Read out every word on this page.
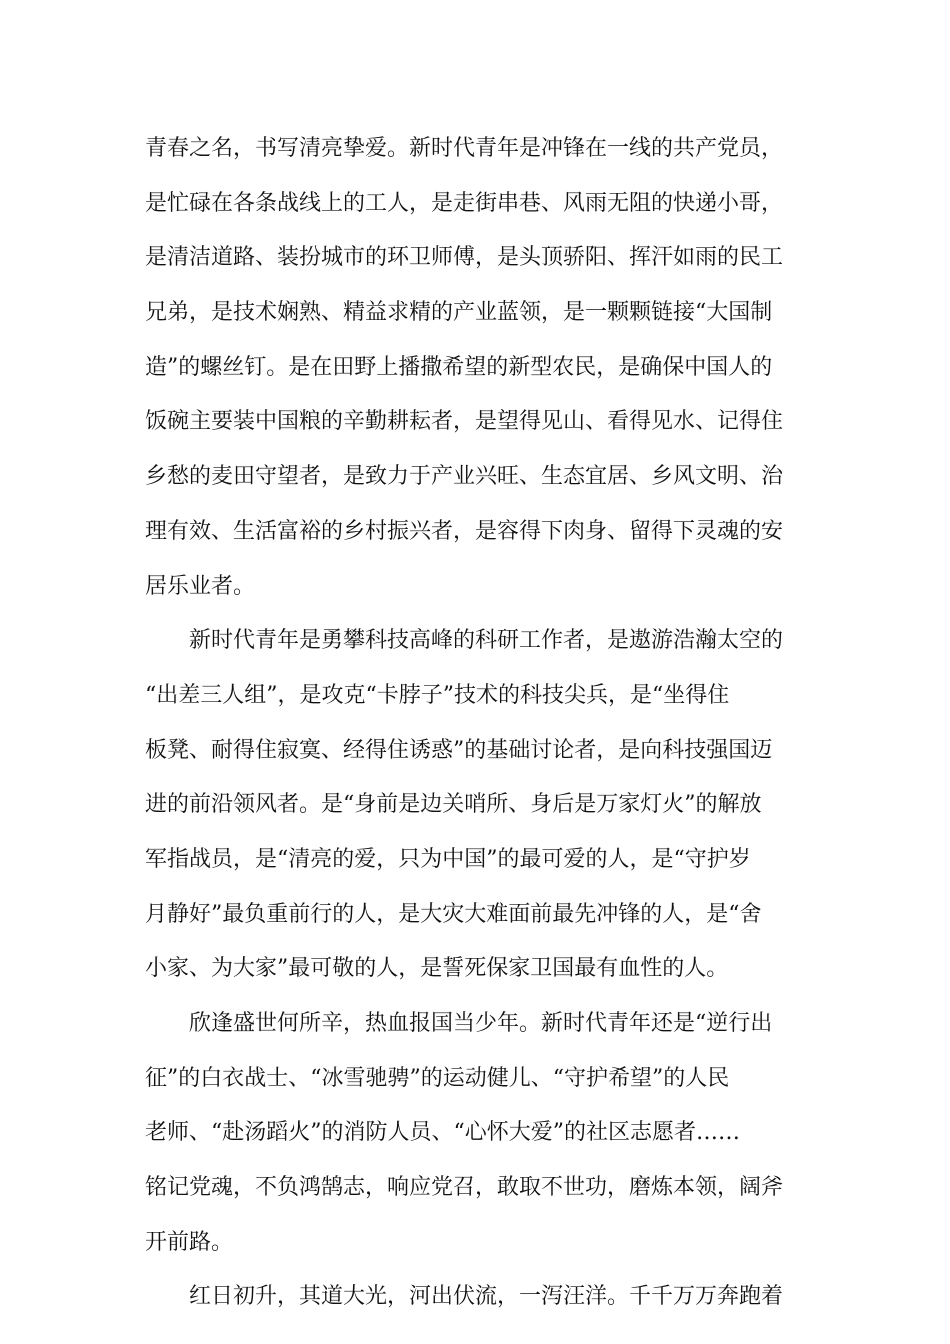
青春之名，书写清亮挚爱。新时代青年是冲锋在一线的共产党员，
是忙碌在各条战线上的工人，是走街串巷、风雨无阻的快递小哥，
是清洁道路、装扮城市的环卫师傅，是头顶骄阳、挥汗如雨的民工
兄弟，是技术娴熟、精益求精的产业蓝领，是一颗颗链接“大国制
造”的螺丝钉。是在田野上播撒希望的新型农民，是确保中国人的
饭碗主要装中国粮的辛勤耕耘者，是望得见山、看得见水、记得住
乡愁的麦田守望者，是致力于产业兴旺、生态宜居、乡风文明、治
理有效、生活富裕的乡村振兴者，是容得下肉身、留得下灵魂的安
居乐业者。
新时代青年是勇攀科技高峰的科研工作者，是遨游浩瀚太空的
“出差三人组”，是攻克“卡脖子”技术的科技尖兵，是“坐得住
板凳、耐得住寂寞、经得住诱惑”的基础讨论者，是向科技强国迈
进的前沿领风者。是“身前是边关哨所、身后是万家灯火”的解放
军指战员，是“清亮的爱，只为中国”的最可爱的人，是“守护岁
月静好”最负重前行的人，是大灾大难面前最先冲锋的人，是“舍
小家、为大家”最可敬的人，是誓死保家卫国最有血性的人。
欣逢盛世何所辛，热血报国当少年。新时代青年还是“逆行出
征”的白衣战士、“冰雪驰骋”的运动健儿、“守护希望”的人民
老师、“赴汤蹈火”的消防人员、“心怀大爱”的社区志愿者……
铭记党魂，不负鸿鹄志，响应党召，敢取不世功，磨炼本领，阔斧
开前路。
红日初升，其道大光，河出伏流，一泻汪洋。千千万万奔跑着
